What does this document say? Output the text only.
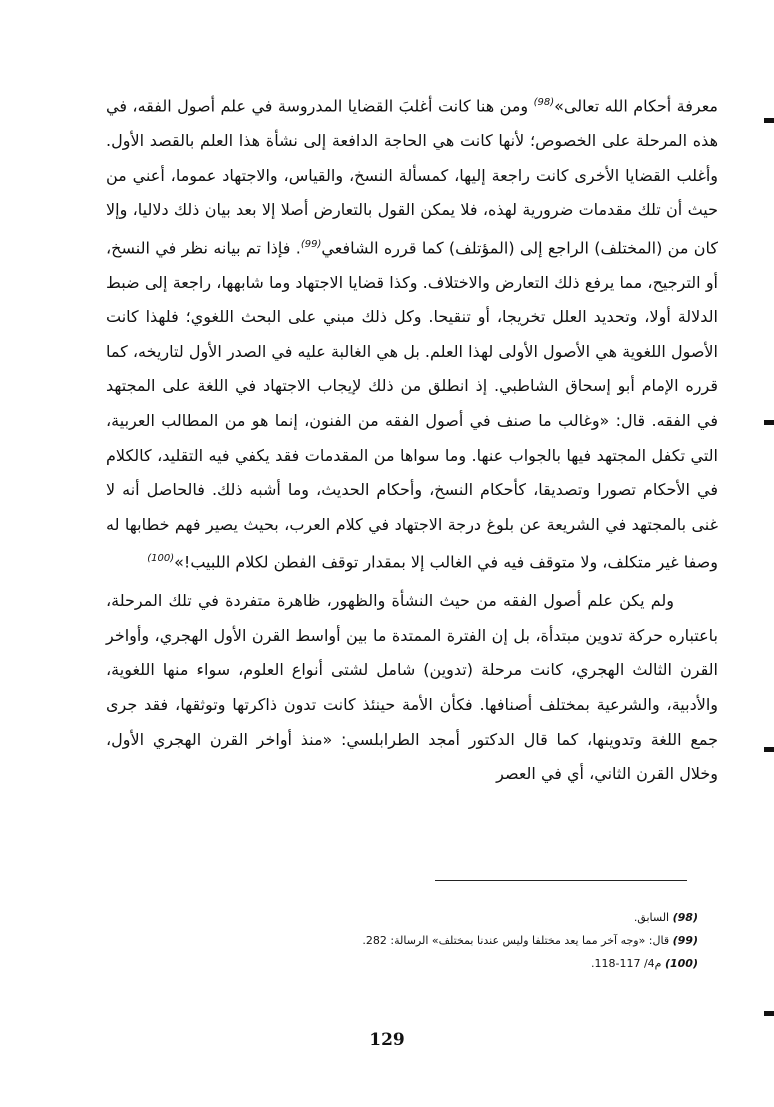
معرفة أحكام الله تعالى»$^{(98)}$ ومن هنا كانت أغلبَ القضايا المدروسة في علم أصول الفقه، في هذه المرحلة على الخصوص؛ لأنها كانت هي الحاجة الدافعة إلى نشأة هذا العلم بالقصد الأول. وأغلب القضايا الأخرى كانت راجعة إليها، كمسألة النسخ، والقياس، والاجتهاد عموما، أعني من حيث أن تلك مقدمات ضرورية لهذه، فلا يمكن القول بالتعارض أصلا إلا بعد بيان ذلك دلاليا، وإلا كان من (المختلف) الراجع إلى (المؤتلف) كما قرره الشافعي$^{(99)}$. فإذا تم بيانه نظر في النسخ، أو الترجيح، مما يرفع ذلك التعارض والاختلاف. وكذا قضايا الاجتهاد وما شابهها، راجعة إلى ضبط الدلالة أولا، وتحديد العلل تخريجا، أو تنقيحا. وكل ذلك مبني على البحث اللغوي؛ فلهذا كانت الأصول اللغوية هي الأصول الأولى لهذا العلم. بل هي الغالبة عليه في الصدر الأول لتاريخه، كما قرره الإمام أبو إسحاق الشاطبي. إذ انطلق من ذلك لإيجاب الاجتهاد في اللغة على المجتهد في الفقه. قال: «وغالب ما صنف في أصول الفقه من الفنون، إنما هو من المطالب العربية، التي تكفل المجتهد فيها بالجواب عنها. وما سواها من المقدمات فقد يكفي فيه التقليد، كالكلام في الأحكام تصورا وتصديقا، كأحكام النسخ، وأحكام الحديث، وما أشبه ذلك. فالحاصل أنه لا غنى بالمجتهد في الشريعة عن بلوغ درجة الاجتهاد في كلام العرب، بحيث يصير فهم خطابها له وصفا غير متكلف، ولا متوقف فيه في الغالب إلا بمقدار توقف الفطن لكلام اللبيب!»$^{(100)}$

ولم يكن علم أصول الفقه من حيث النشأة والظهور، ظاهرة متفردة في تلك المرحلة، باعتباره حركة تدوين مبتدأة، بل إن الفترة الممتدة ما بين أواسط القرن الأول الهجري، وأواخر القرن الثالث الهجري، كانت مرحلة (تدوين) شامل لشتى أنواع العلوم، سواء منها اللغوية، والأدبية، والشرعية بمختلف أصنافها. فكأن الأمة حينئذ كانت تدون ذاكرتها وتوثقها، فقد جرى جمع اللغة وتدوينها، كما قال الدكتور أمجد الطرابلسي: «منذ أواخر القرن الهجري الأول، وخلال القرن الثاني، أي في العصر

(98) السابق.
(99) قال: «وجه آخر مما يعد مختلفا وليس عندنا بمختلف» الرسالة: 282.
(100) م4/ 117-118.
129
